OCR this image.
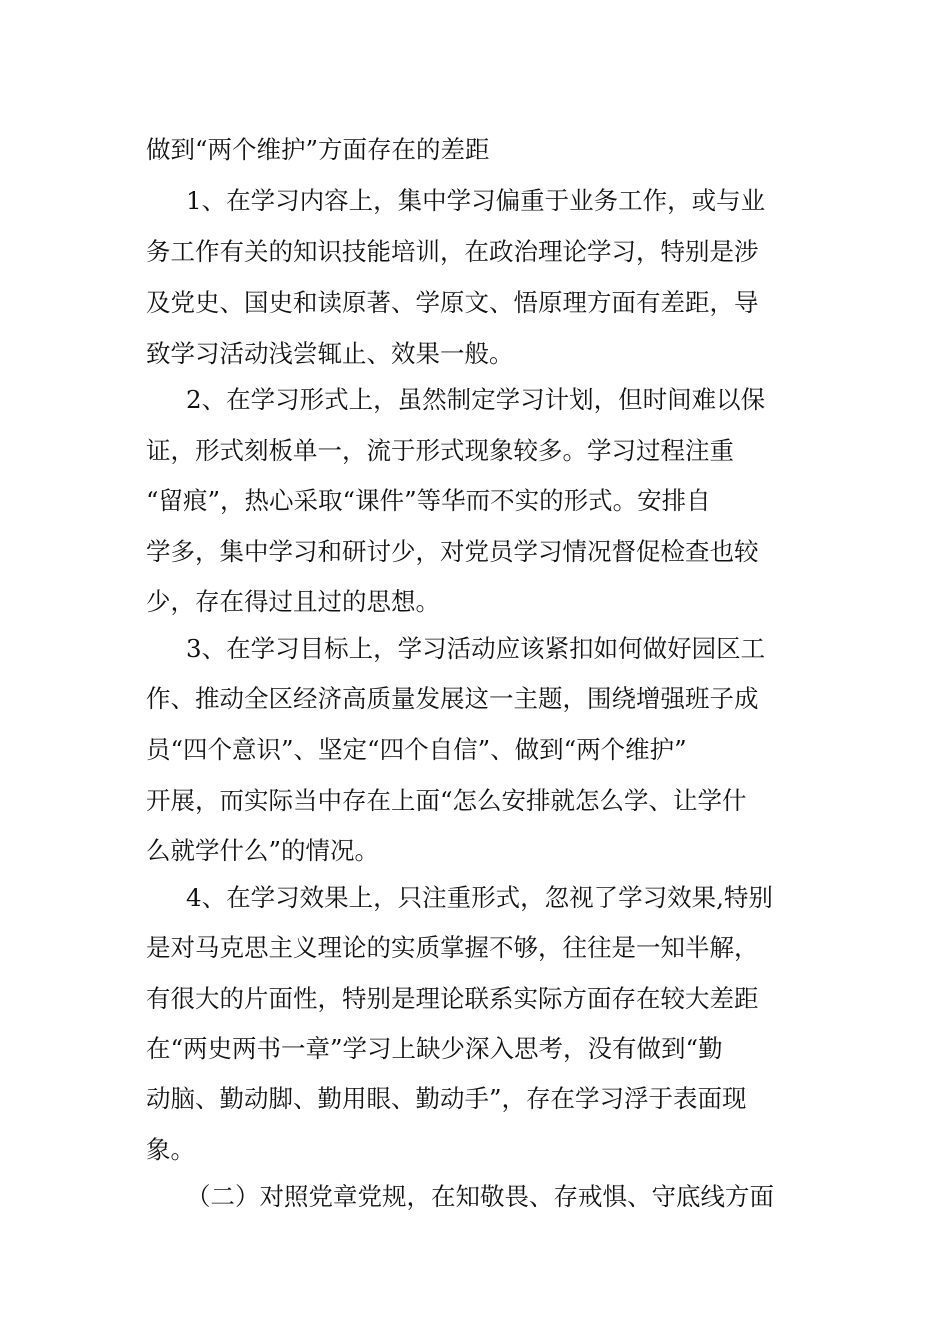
做到“两个维护”方面存在的差距
1、在学习内容上，集中学习偏重于业务工作，或与业
务工作有关的知识技能培训，在政治理论学习，特别是涉
及党史、国史和读原著、学原文、悟原理方面有差距，导
致学习活动浅尝辄止、效果一般。
2、在学习形式上，虽然制定学习计划，但时间难以保
证，形式刻板单一，流于形式现象较多。学习过程注重
“留痕”，热心采取“课件”等华而不实的形式。安排自
学多，集中学习和研讨少，对党员学习情况督促检查也较
少，存在得过且过的思想。
3、在学习目标上，学习活动应该紧扣如何做好园区工
作、推动全区经济高质量发展这一主题，围绕增强班子成
员“四个意识”、坚定“四个自信”、做到“两个维护”
开展，而实际当中存在上面“怎么安排就怎么学、让学什
么就学什么”的情况。
4、在学习效果上，只注重形式，忽视了学习效果,特别
是对马克思主义理论的实质掌握不够，往往是一知半解，
有很大的片面性，特别是理论联系实际方面存在较大差距
在“两史两书一章”学习上缺少深入思考，没有做到“勤
动脑、勤动脚、勤用眼、勤动手”，存在学习浮于表面现
象。
（二）对照党章党规，在知敬畏、存戒惧、守底线方面
